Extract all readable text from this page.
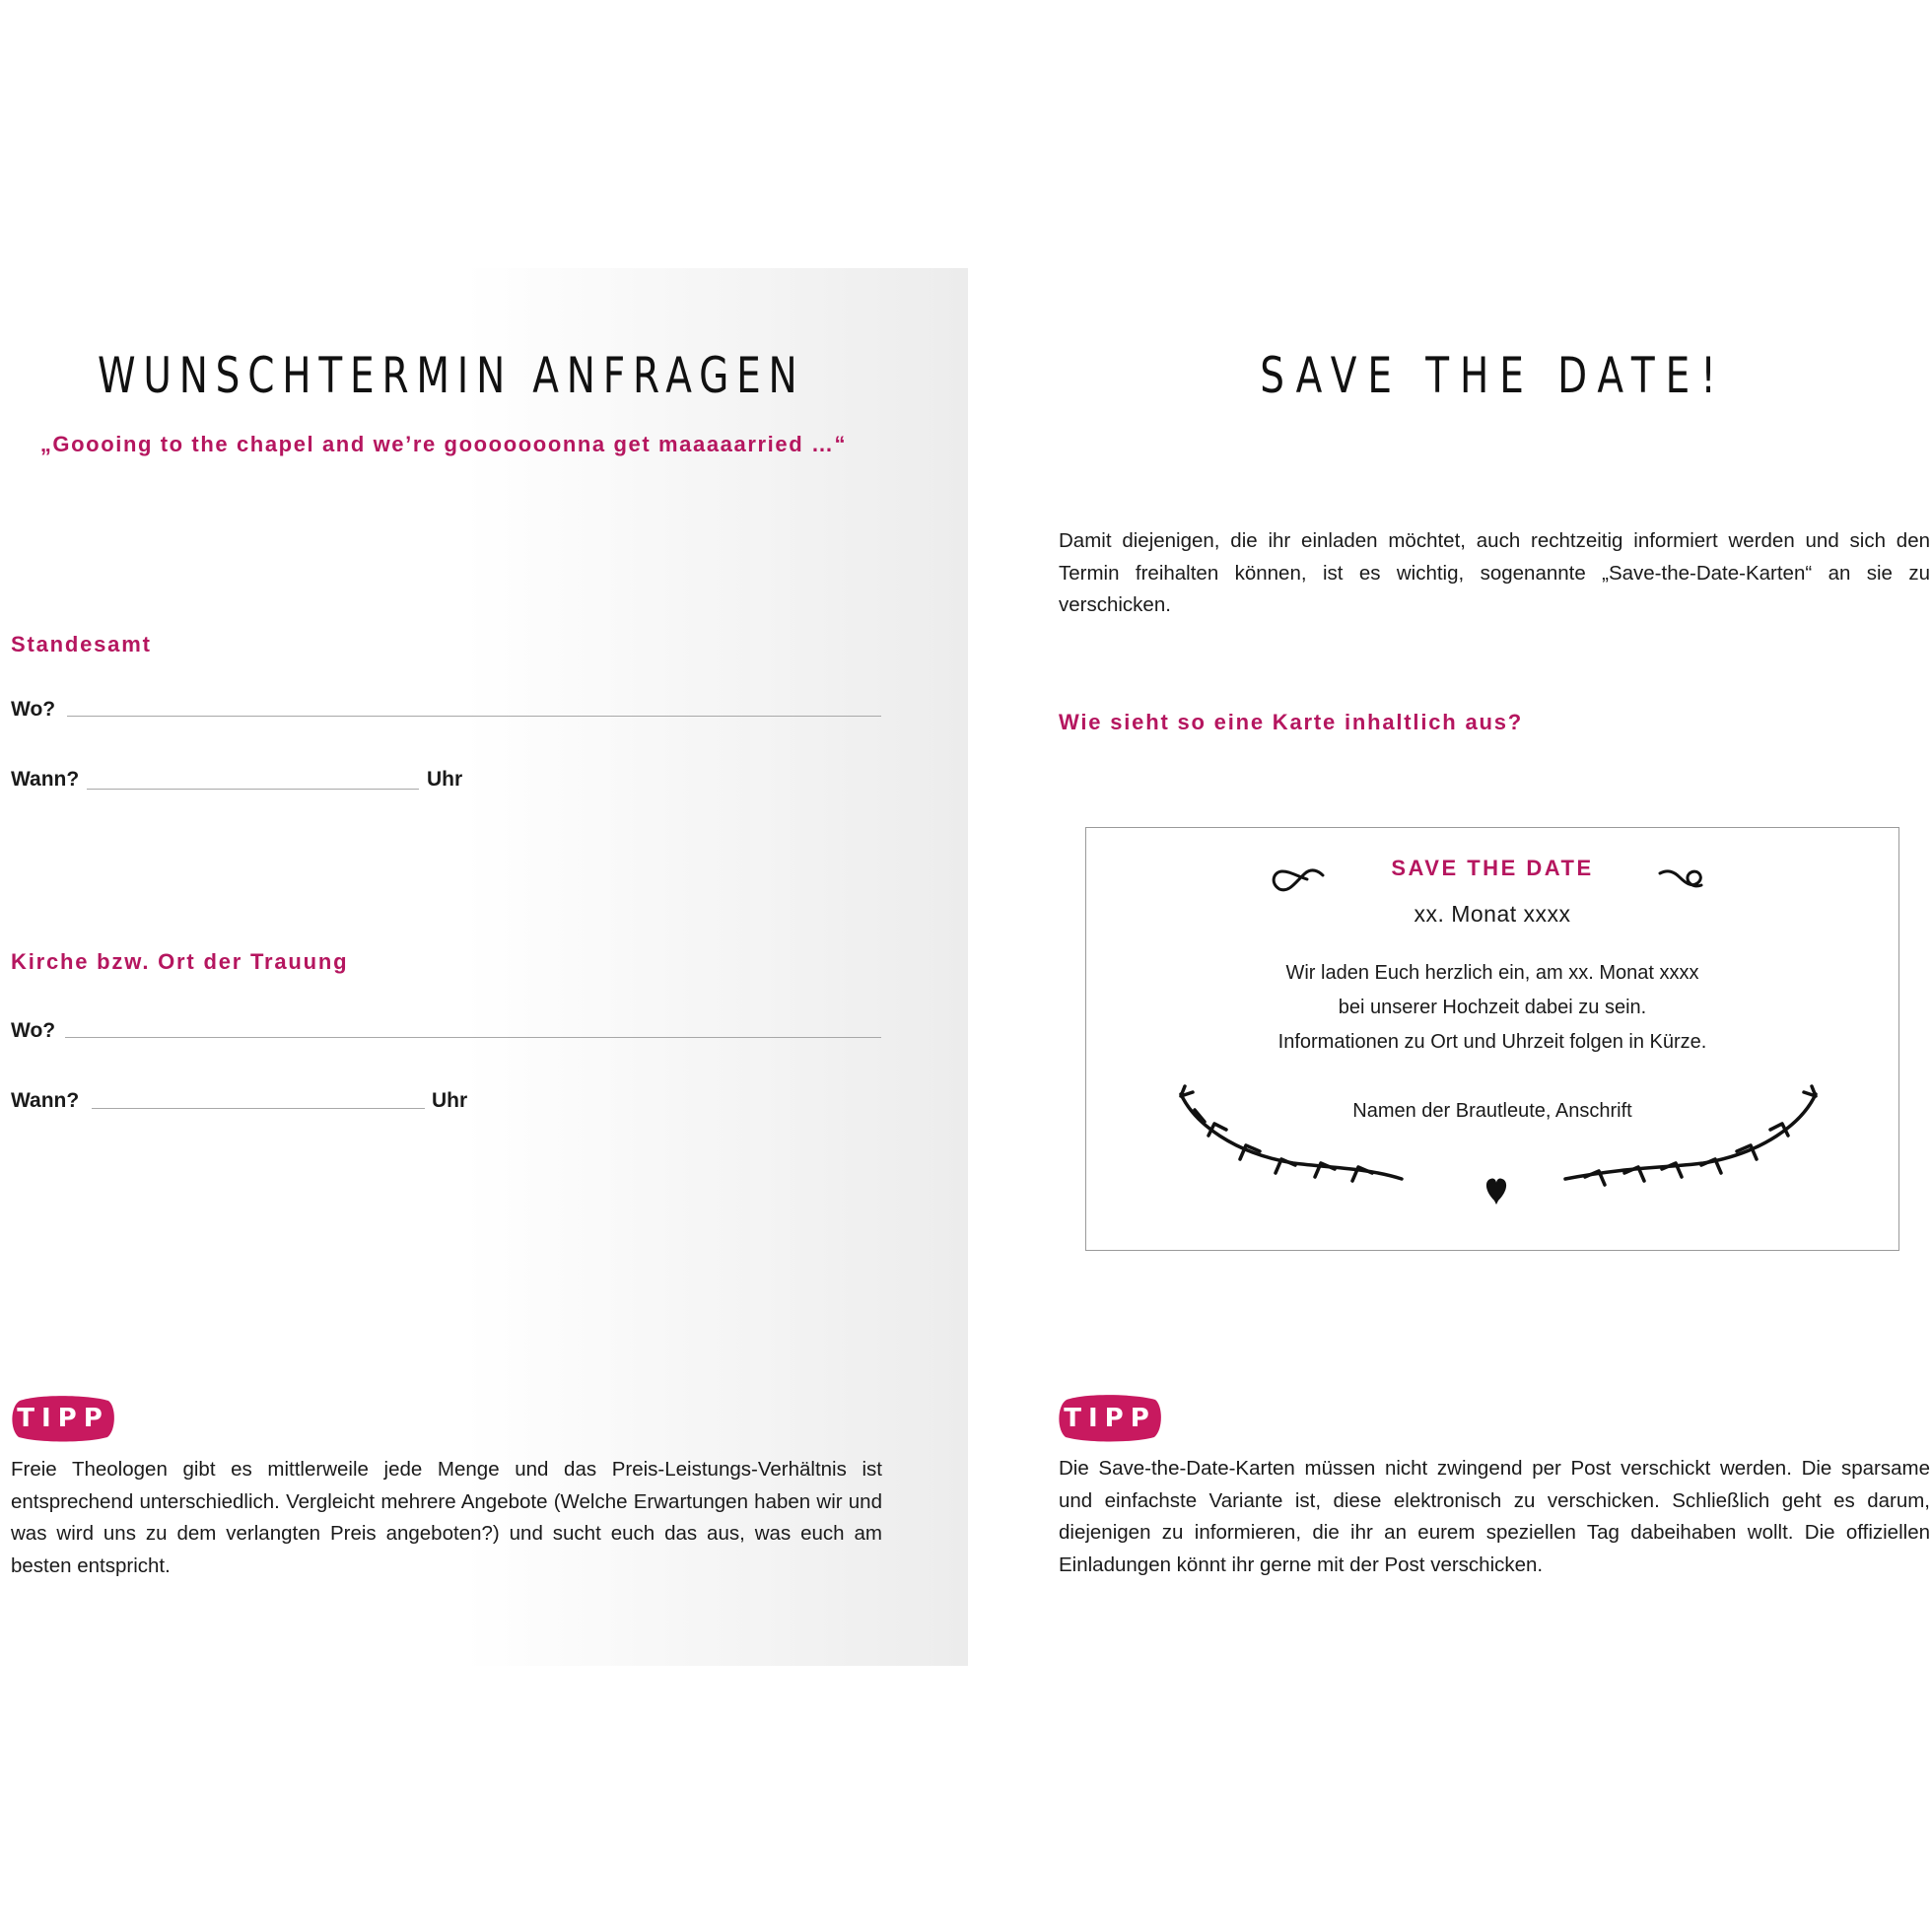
WUNSCHTERMIN ANFRAGEN
„Goooing to the chapel and we’re gooooooonna get maaaaarried …“
Standesamt
Wo?
Wann?	Uhr
Kirche bzw. Ort der Trauung
Wo?
Wann?	Uhr
TIPP
Freie Theologen gibt es mittlerweile jede Menge und das Preis-Leistungs-Verhältnis ist entsprechend unterschiedlich. Vergleicht mehrere Angebote (Welche Erwartungen haben wir und was wird uns zu dem verlangten Preis angeboten?) und sucht euch das aus, was euch am besten entspricht.
SAVE THE DATE!
Damit diejenigen, die ihr einladen möchtet, auch rechtzeitig informiert werden und sich den Termin freihalten können, ist es wichtig, sogenannte „Save-the-Date-Karten“ an sie zu verschicken.
Wie sieht so eine Karte inhaltlich aus?
SAVE THE DATE
xx. Monat xxxx
Wir laden Euch herzlich ein, am xx. Monat xxxx
bei unserer Hochzeit dabei zu sein.
Informationen zu Ort und Uhrzeit folgen in Kürze.
Namen der Brautleute, Anschrift
TIPP
Die Save-the-Date-Karten müssen nicht zwingend per Post verschickt werden. Die sparsame und einfachste Variante ist, diese elektronisch zu verschicken. Schließlich geht es darum, diejenigen zu informieren, die ihr an eurem speziellen Tag dabeihaben wollt. Die offiziellen Einladungen könnt ihr gerne mit der Post verschicken.
